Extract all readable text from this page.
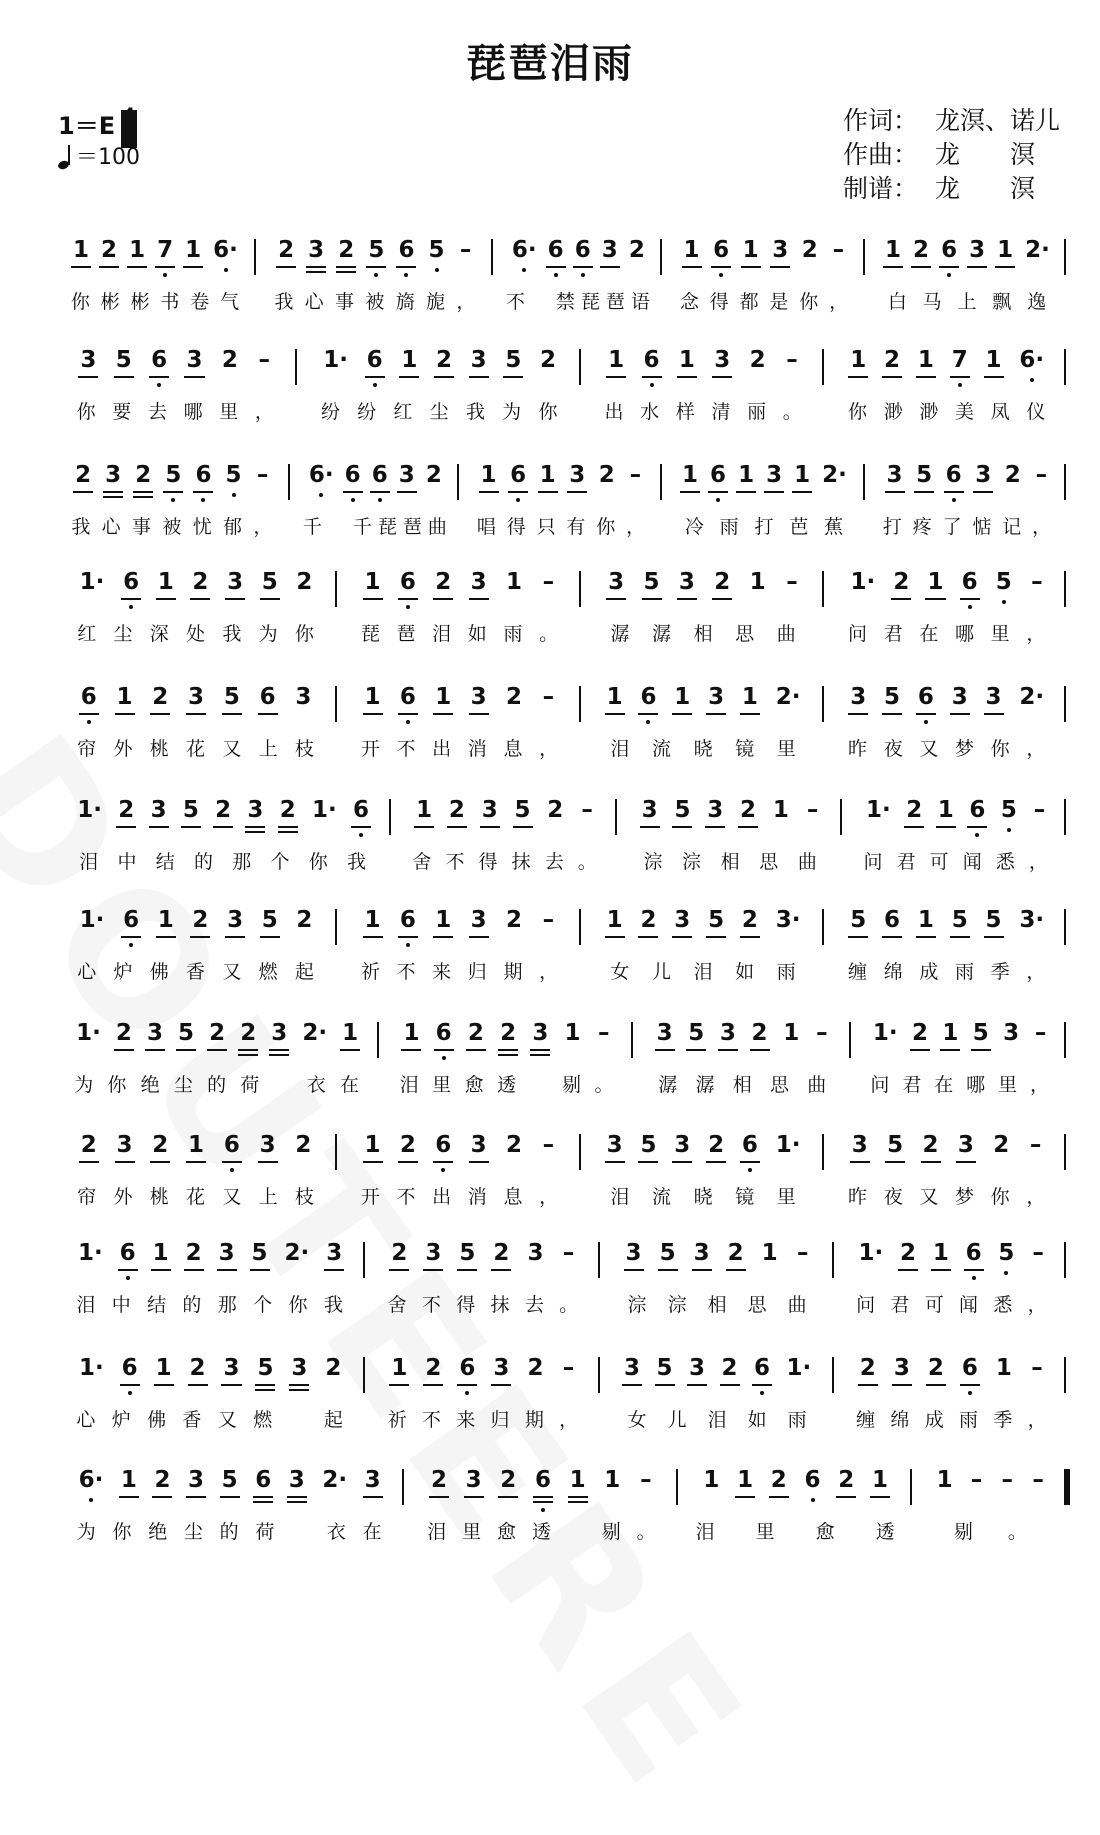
琵琶泪雨
1＝E
＝100
作词： 龙溟、诺儿
作曲： 龙　　溟
制谱： 龙　　溟
1 2 1 7 1 6·
你 彬 彬 书 卷 气
2 3 2 5 6 5 –
我 心 事 被 旖 旎 ，
6· 6 6 3 2
不
　 禁 琵 琶 语
1 6 1 3 2 –
念 得 都 是 你 ，
1 2 6 3 1 2·
白 马 上 飘 逸
3 5 6 3 2 –
你 要 去 哪 里 ，
1· 6 1 2 3 5 2
纷 纷 红 尘 我 为 你
1 6 1 3 2 –
出 水 样 清 丽 。
1 2 1 7 1 6·
你 渺 渺 美 凤 仪
2 3 2 5 6 5 –
我 心 事 被 忧 郁 ，
6· 6 6 3 2
千
　 千 琵 琶 曲
1 6 1 3 2 –
唱 得 只 有 你 ，
1 6 1 3 1 2·
冷 雨 打 芭 蕉
3 5 6 3 2 –
打 疼 了 惦 记 ，
1· 6 1 2 3 5 2
红 尘 深 处 我 为 你
1 6 2 3 1 –
琵 琶 泪 如 雨 。
3 5 3 2 1 –
潺 潺 相 思 曲
1· 2 1 6 5 –
问 君 在 哪 里 ，
6 1 2 3 5 6 3
帘 外 桃 花 又 上 枝
1 6 1 3 2 –
开 不 出 消 息 ，
1 6 1 3 1 2·
泪 流 晓 镜 里
3 5 6 3 3 2·
昨 夜 又 梦 你 ，
1· 2 3 5 2 3 2 1· 6
泪 中 结 的 那 个 你 我
1 2 3 5 2 –
舍 不 得 抹 去 。
3 5 3 2 1 –
淙 淙 相 思 曲
1· 2 1 6 5 –
问 君 可 闻 悉 ，
1· 6 1 2 3 5 2
心 炉 佛 香 又 燃 起
1 6 1 3 2 –
祈 不 来 归 期 ，
1 2 3 5 2 3·
女 儿 泪 如 雨
5 6 1 5 5 3·
缠 绵 成 雨 季 ，
1· 2 3 5 2 2 3 2· 1
为 你 绝 尘 的 荷
　 衣 在
1 6 2 2 3 1 –
泪 里 愈 透
　 剔 。
3 5 3 2 1 –
潺 潺 相 思 曲
1· 2 1 5 3 –
问 君 在 哪 里 ，
2 3 2 1 6 3 2
帘 外 桃 花 又 上 枝
1 2 6 3 2 –
开 不 出 消 息 ，
3 5 3 2 6 1·
泪 流 晓 镜 里
3 5 2 3 2 –
昨 夜 又 梦 你 ，
1· 6 1 2 3 5 2· 3
泪 中 结 的 那 个 你 我
2 3 5 2 3 –
舍 不 得 抹 去 。
3 5 3 2 1 –
淙 淙 相 思 曲
1· 2 1 6 5 –
问 君 可 闻 悉 ，
1· 6 1 2 3 5 3 2
心 炉 佛 香 又 燃
　	起
1 2 6 3 2 –
祈 不 来 归 期 ，
3 5 3 2 6 1·
女 儿 泪 如 雨
2 3 2 6 1 –
缠 绵 成 雨 季 ，
6· 1 2 3 5 6 3 2· 3
为 你 绝 尘 的 荷
　	衣 在
2 3 2 6 1 1 –
泪 里 愈 透
　	剔 。
1 1 2 6 2 1
泪
　 里
　 愈
　 透
1 – – –
剔 。
